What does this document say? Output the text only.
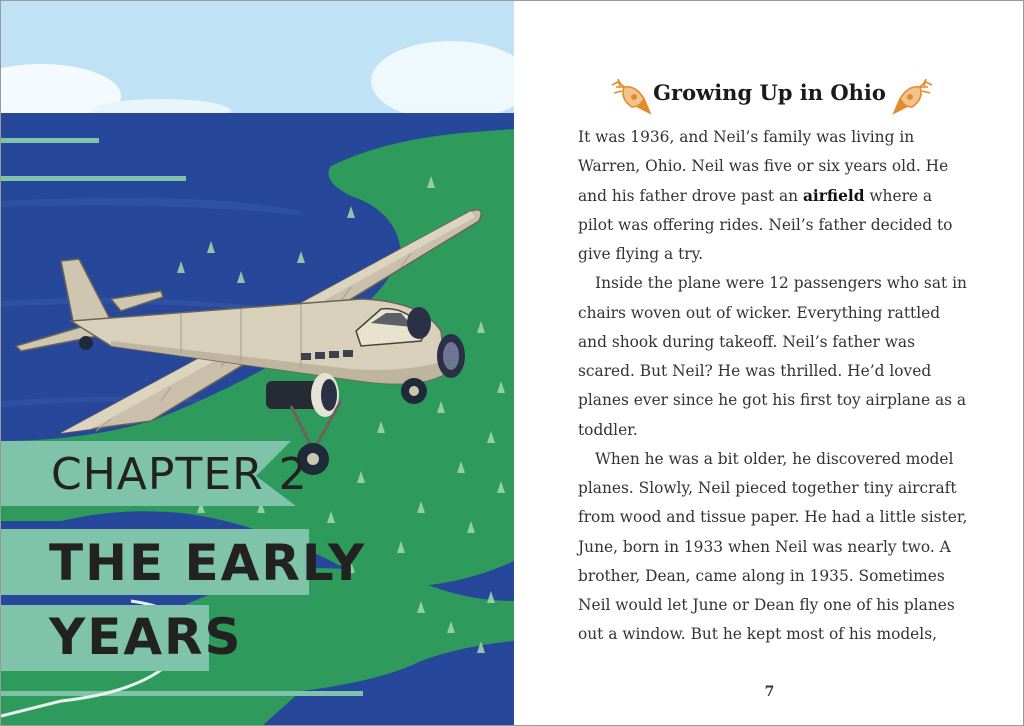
CHAPTER 2
THE EARLY
YEARS
Growing Up in Ohio

It was 1936, and Neil’s family was living in Warren, Ohio. Neil was five or six years old. He and his father drove past an airfield where a pilot was offering rides. Neil’s father decided to give flying a try.

Inside the plane were 12 passengers who sat in chairs woven out of wicker. Everything rattled and shook during takeoff. Neil’s father was scared. But Neil? He was thrilled. He’d loved planes ever since he got his first toy airplane as a toddler.

When he was a bit older, he discovered model planes. Slowly, Neil pieced together tiny aircraft from wood and tissue paper. He had a little sister, June, born in 1933 when Neil was nearly two. A brother, Dean, came along in 1935. Sometimes Neil would let June or Dean fly one of his planes out a window. But he kept most of his models,

7
